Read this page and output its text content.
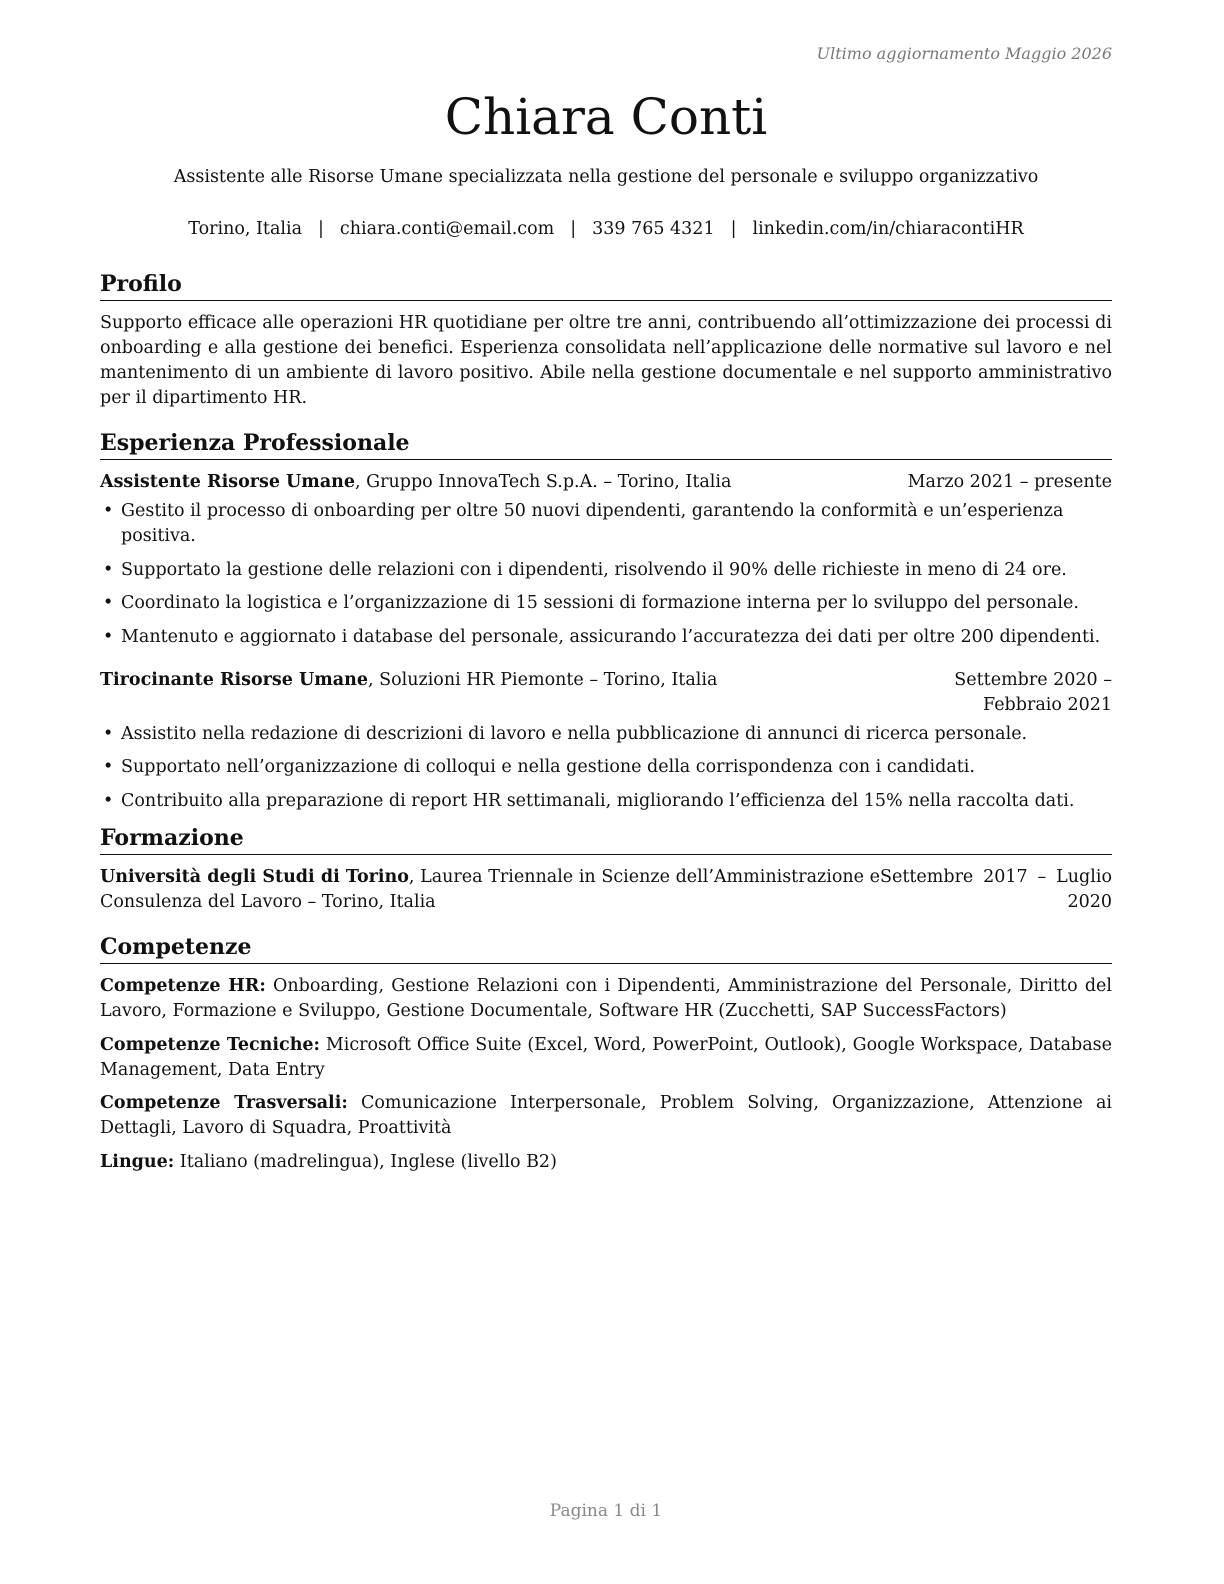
Ultimo aggiornamento Maggio 2026
Chiara Conti
Assistente alle Risorse Umane specializzata nella gestione del personale e sviluppo organizzativo
Torino, Italia | chiara.conti@email.com | 339 765 4321 | linkedin.com/in/chiaracontiHR
Profilo

Supporto efficace alle operazioni HR quotidiane per oltre tre anni, contribuendo all’ottimizzazione dei processi di onboarding e alla gestione dei benefici. Esperienza consolidata nell’applicazione delle normative sul lavoro e nel mantenimento di un ambiente di lavoro positivo. Abile nella gestione documentale e nel supporto amministrativo per il dipartimento HR.

Esperienza Professionale
Assistente Risorse Umane, Gruppo InnovaTech S.p.A. – Torino, Italia	Marzo 2021 – presente
• Gestito il processo di onboarding per oltre 50 nuovi dipendenti, garantendo la conformità e un’esperienza positiva.
• Supportato la gestione delle relazioni con i dipendenti, risolvendo il 90% delle richieste in meno di 24 ore.
• Coordinato la logistica e l’organizzazione di 15 sessioni di formazione interna per lo sviluppo del personale.
• Mantenuto e aggiornato i database del personale, assicurando l’accuratezza dei dati per oltre 200 dipendenti.
Tirocinante Risorse Umane, Soluzioni HR Piemonte – Torino, Italia	Settembre 2020 – Febbraio 2021
• Assistito nella redazione di descrizioni di lavoro e nella pubblicazione di annunci di ricerca personale.
• Supportato nell’organizzazione di colloqui e nella gestione della corrispondenza con i candidati.
• Contribuito alla preparazione di report HR settimanali, migliorando l’efficienza del 15% nella raccolta dati.
Formazione
Università degli Studi di Torino, Laurea Triennale in Scienze dell’Amministrazione e Consulenza del Lavoro – Torino, Italia
Settembre 2017 – Luglio 2020
Competenze

Competenze HR: Onboarding, Gestione Relazioni con i Dipendenti, Amministrazione del Personale, Diritto del Lavoro, Formazione e Sviluppo, Gestione Documentale, Software HR (Zucchetti, SAP SuccessFactors)

Competenze Tecniche: Microsoft Office Suite (Excel, Word, PowerPoint, Outlook), Google Workspace, Database Management, Data Entry

Competenze Trasversali: Comunicazione Interpersonale, Problem Solving, Organizzazione, Attenzione ai Dettagli, Lavoro di Squadra, Proattività

Lingue: Italiano (madrelingua), Inglese (livello B2)

Pagina 1 di 1
